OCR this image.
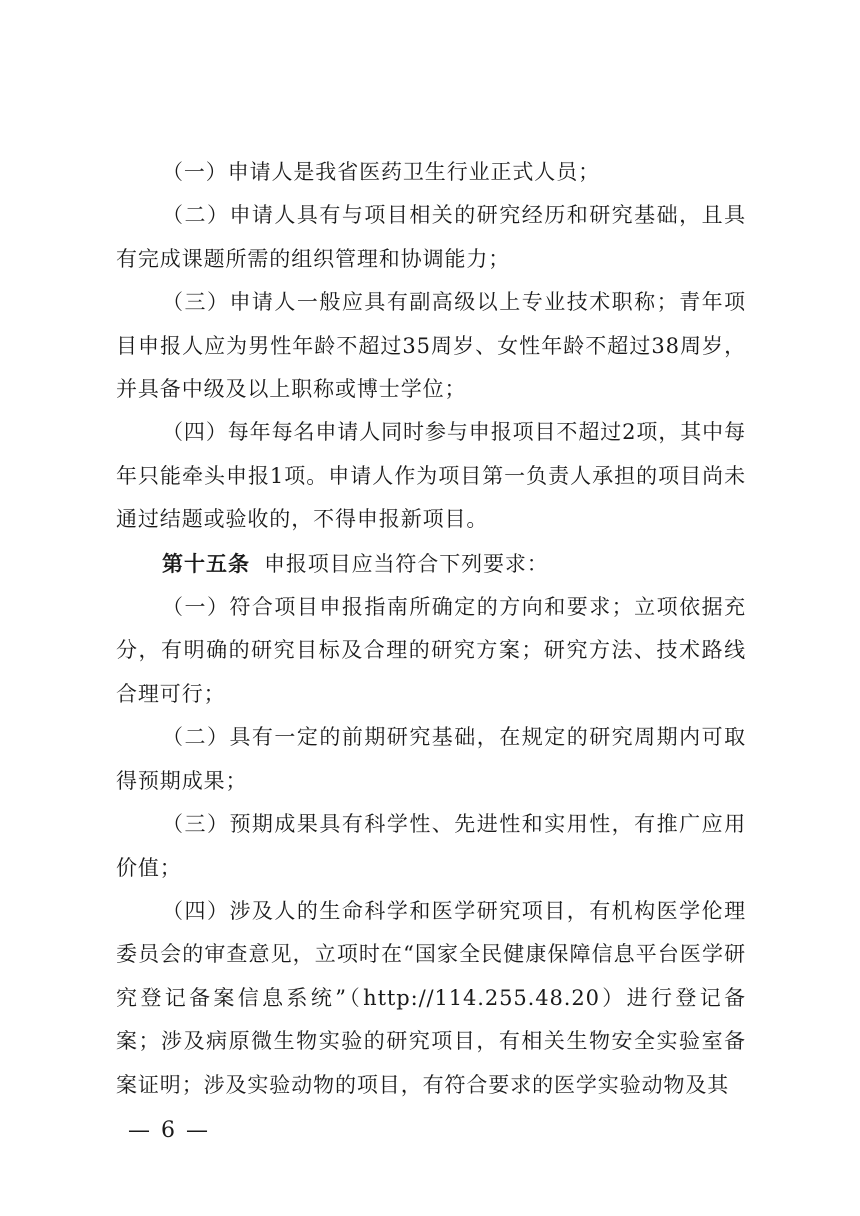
（一）申请人是我省医药卫生行业正式人员；

（二）申请人具有与项目相关的研究经历和研究基础，且具有完成课题所需的组织管理和协调能力；

（三）申请人一般应具有副高级以上专业技术职称；青年项目申报人应为男性年龄不超过35周岁、女性年龄不超过38周岁，并具备中级及以上职称或博士学位；

（四）每年每名申请人同时参与申报项目不超过2项，其中每年只能牵头申报1项。申请人作为项目第一负责人承担的项目尚未通过结题或验收的，不得申报新项目。

第十五条 申报项目应当符合下列要求：

（一）符合项目申报指南所确定的方向和要求；立项依据充分，有明确的研究目标及合理的研究方案；研究方法、技术路线合理可行；

（二）具有一定的前期研究基础，在规定的研究周期内可取得预期成果；

（三）预期成果具有科学性、先进性和实用性，有推广应用价值；

（四）涉及人的生命科学和医学研究项目，有机构医学伦理委员会的审查意见，立项时在“国家全民健康保障信息平台医学研究登记备案信息系统”（http://114.255.48.20）进行登记备案；涉及病原微生物实验的研究项目，有相关生物安全实验室备案证明；涉及实验动物的项目，有符合要求的医学实验动物及其

— 6 —
